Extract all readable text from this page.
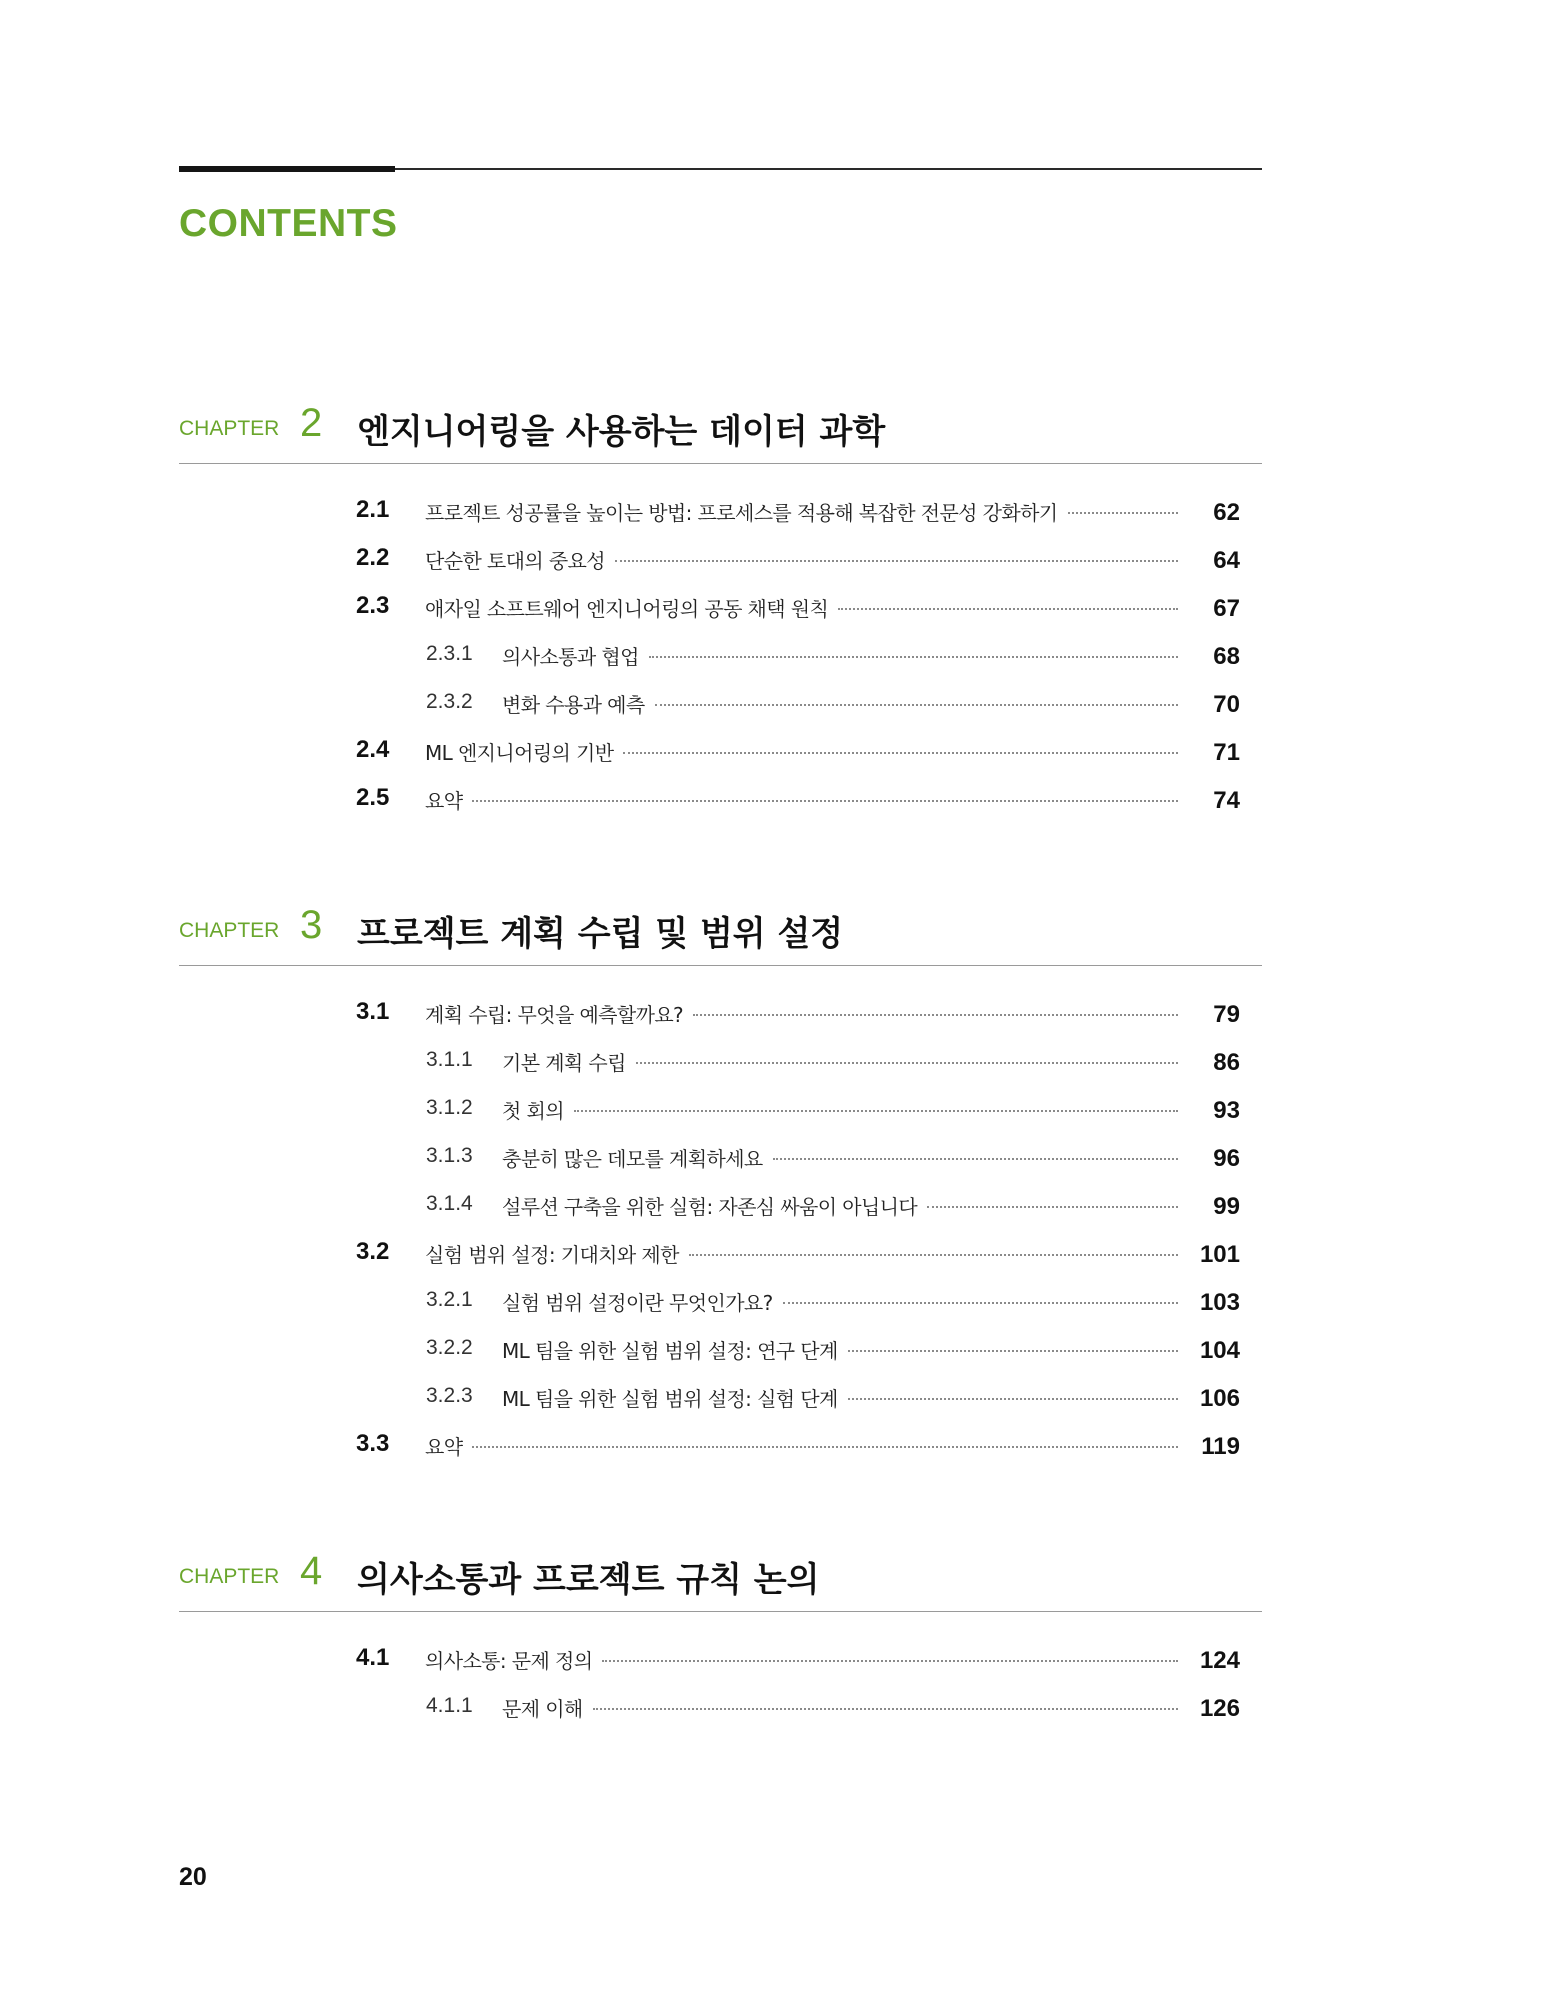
CONTENTS
CHAPTER 2 엔지니어링을 사용하는 데이터 과학
2.1 프로젝트 성공률을 높이는 방법: 프로세스를 적용해 복잡한 전문성 강화하기	62
2.2 단순한 토대의 중요성	64
2.3 애자일 소프트웨어 엔지니어링의 공동 채택 원칙	67
2.3.1 의사소통과 협업	68
2.3.2 변화 수용과 예측	70
2.4 ML 엔지니어링의 기반	71
2.5 요약	74
CHAPTER 3 프로젝트 계획 수립 및 범위 설정
3.1 계획 수립: 무엇을 예측할까요?	79
3.1.1 기본 계획 수립	86
3.1.2 첫 회의	93
3.1.3 충분히 많은 데모를 계획하세요	96
3.1.4 설루션 구축을 위한 실험: 자존심 싸움이 아닙니다	99
3.2 실험 범위 설정: 기대치와 제한	101
3.2.1 실험 범위 설정이란 무엇인가요?	103
3.2.2 ML 팀을 위한 실험 범위 설정: 연구 단계	104
3.2.3 ML 팀을 위한 실험 범위 설정: 실험 단계	106
3.3 요약	119
CHAPTER 4 의사소통과 프로젝트 규칙 논의
4.1 의사소통: 문제 정의	124
4.1.1 문제 이해	126
20
